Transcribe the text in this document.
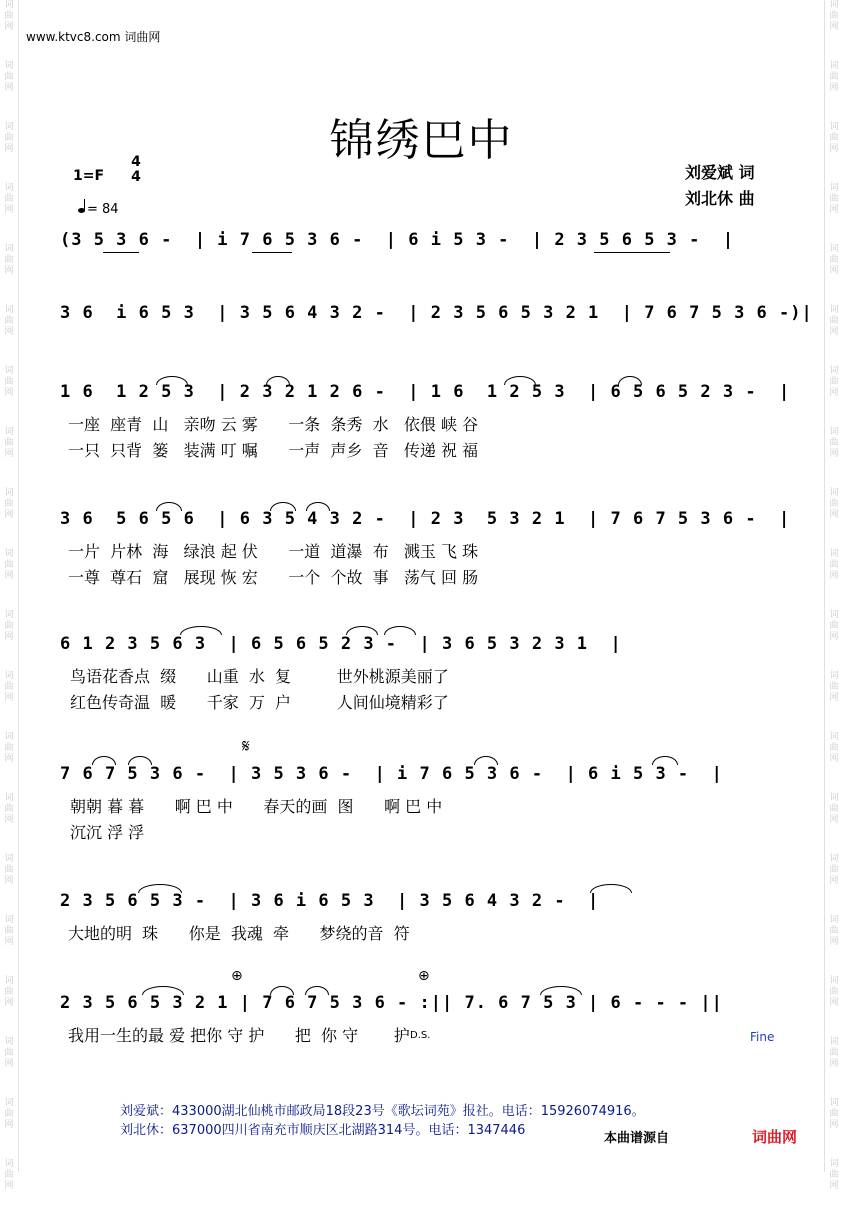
词
曲
网
词
曲
网
词
曲
网
词
曲
网
词
曲
网
词
曲
网
词
曲
网
词
曲
网
词
曲
网
词
曲
网
词
曲
网
词
曲
网
词
曲
网
词
曲
网
词
曲
网
词
曲
网
词
曲
网
词
曲
网
词
曲
网
词
曲
网
词
曲
网
词
曲
网
词
曲
网
词
曲
网
词
曲
网
词
曲
网
词
曲
网
词
曲
网
词
曲
网
词
曲
网
词
曲
网
词
曲
网
词
曲
网
词
曲
网
词
曲
网
词
曲
网
词
曲
网
词
曲
网
词
曲
网
词
曲
网
www.ktvc8.com 词曲网
锦绣巴中
1=F
4
4
= 84
刘爱斌 词
刘北休 曲
(3 5 3 6 -  | i 7 6 5 3 6 -  | 6 i 5 3 -  | 2 3 5 6 5 3 -  |
3 6  i 6 5 3  | 3 5 6 4 3 2 -  | 2 3 5 6 5 3 2 1  | 7 6 7 5 3 6 -)|
1 6  1 2 5 3  | 2 3 2 1 2 6 -  | 1 6  1 2 5 3  | 6 5 6 5 2 3 -  |
一座  座青  山   亲吻 云 雾      一条  条秀  水   依偎 峡 谷
一只  只背  篓   装满 叮 嘱      一声  声乡  音   传递 祝 福
3 6  5 6 5 6  | 6 3 5 4 3 2 -  | 2 3  5 3 2 1  | 7 6 7 5 3 6 -  |
一片  片林  海   绿浪 起 伏      一道  道瀑  布   溅玉 飞 珠
一尊  尊石  窟   展现 恢 宏      一个  个故  事   荡气 回 肠
6 1 2 3 5 6 3  | 6 5 6 5 2 3 -  | 3 6 5 3 2 3 1  |
鸟语花香点  缀      山重  水  复         世外桃源美丽了
红色传奇温  暖      千家  万  户         人间仙境精彩了
𝄋
7 6 7 5 3 6 -  | 3 5 3 6 -  | i 7 6 5 3 6 -  | 6 i 5 3 -  |
朝朝 暮 暮      啊 巴 中      春天的画  图      啊 巴 中
沉沉 浮 浮
2 3 5 6 5 3 -  | 3 6 i 6 5 3  | 3 5 6 4 3 2 -  |
大地的明  珠      你是  我魂  牵      梦绕的音  符
⊕	⊕
2 3 5 6 5 3 2 1 | 7 6 7 5 3 6 - :|| 7. 6 7 5 3 | 6 - - - ||
我用一生的最 爱 把你 守 护      把  你 守       护 D.S.	Fine
刘爱斌：433000湖北仙桃市邮政局18段23号《歌坛词苑》报社。电话：15926074916。
刘北休：637000四川省南充市顺庆区北湖路314号。电话：1347446
本曲谱源自	词曲网
